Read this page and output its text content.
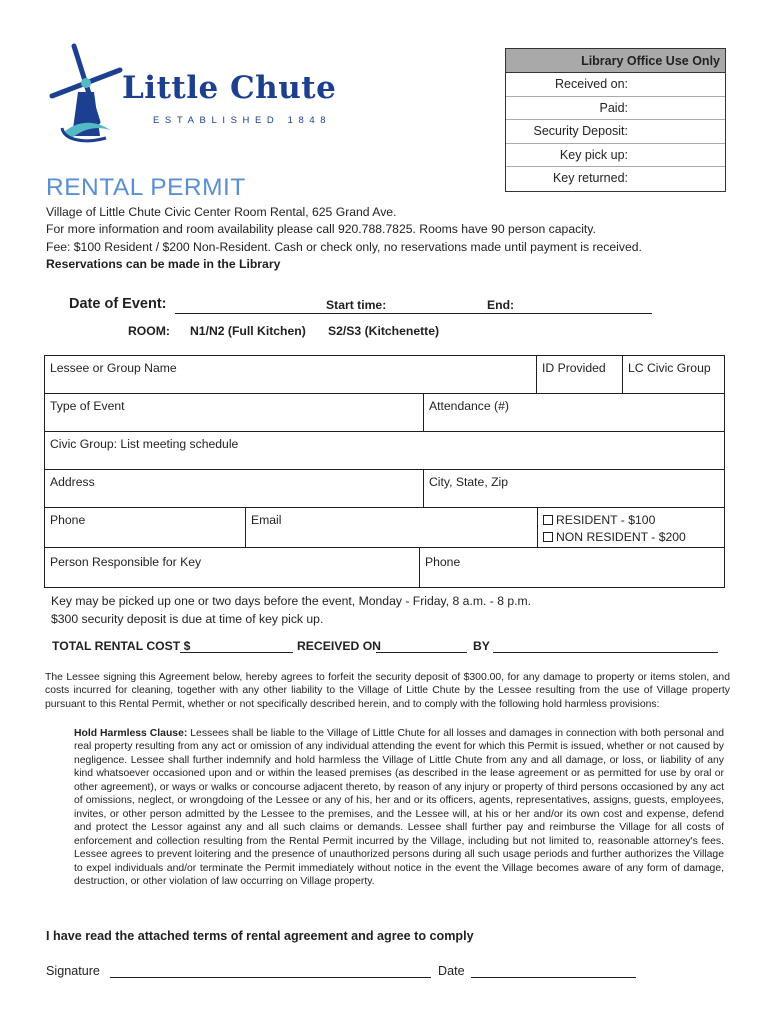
Little Chute
ESTABLISHED 1848
Library Office Use Only
Received on:
Paid:
Security Deposit:
Key pick up:
Key returned:
RENTAL PERMIT
Village of Little Chute Civic Center Room Rental, 625 Grand Ave.
For more information and room availability please call 920.788.7825. Rooms have 90 person capacity.
Fee: $100 Resident / $200 Non-Resident. Cash or check only, no reservations made until payment is received.
Reservations can be made in the Library
Date of Event:	Start time:	End:
ROOM: N1/N2 (Full Kitchen) S2/S3 (Kitchenette)
Lessee or Group Name	ID Provided	LC Civic Group
Type of Event	Attendance (#)
Civic Group: List meeting schedule
Address	City, State, Zip
Phone	Email	RESIDENT - $100
NON RESIDENT - $200
Person Responsible for Key	Phone
Key may be picked up one or two days before the event, Monday - Friday, 8 a.m. - 8 p.m.
$300 security deposit is due at time of key pick up.
TOTAL RENTAL COST $	RECEIVED ON	BY
The Lessee signing this Agreement below, hereby agrees to forfeit the security deposit of $300.00, for any damage to property or items stolen, and costs incurred for cleaning, together with any other liability to the Village of Little Chute by the Lessee resulting from the use of Village property pursuant to this Rental Permit, whether or not specifically described herein, and to comply with the following hold harmless provisions:
Hold Harmless Clause: Lessees shall be liable to the Village of Little Chute for all losses and damages in connection with both personal and real property resulting from any act or omission of any individual attending the event for which this Permit is issued, whether or not caused by negligence. Lessee shall further indemnify and hold harmless the Village of Little Chute from any and all damage, or loss, or liability of any kind whatsoever occasioned upon and or within the leased premises (as described in the lease agreement or as permitted for use by oral or other agreement), or ways or walks or concourse adjacent thereto, by reason of any injury or property of third persons occasioned by any act of omissions, neglect, or wrongdoing of the Lessee or any of his, her and or its officers, agents, representatives, assigns, guests, employees, invites, or other person admitted by the Lessee to the premises, and the Lessee will, at his or her and/or its own cost and expense, defend and protect the Lessor against any and all such claims or demands. Lessee shall further pay and reimburse the Village for all costs of enforcement and collection resulting from the Rental Permit incurred by the Village, including but not limited to, reasonable attorney's fees. Lessee agrees to prevent loitering and the presence of unauthorized persons during all such usage periods and further authorizes the Village to expel individuals and/or terminate the Permit immediately without notice in the event the Village becomes aware of any form of damage, destruction, or other violation of law occurring on Village property.
I have read the attached terms of rental agreement and agree to comply
Signature	Date
